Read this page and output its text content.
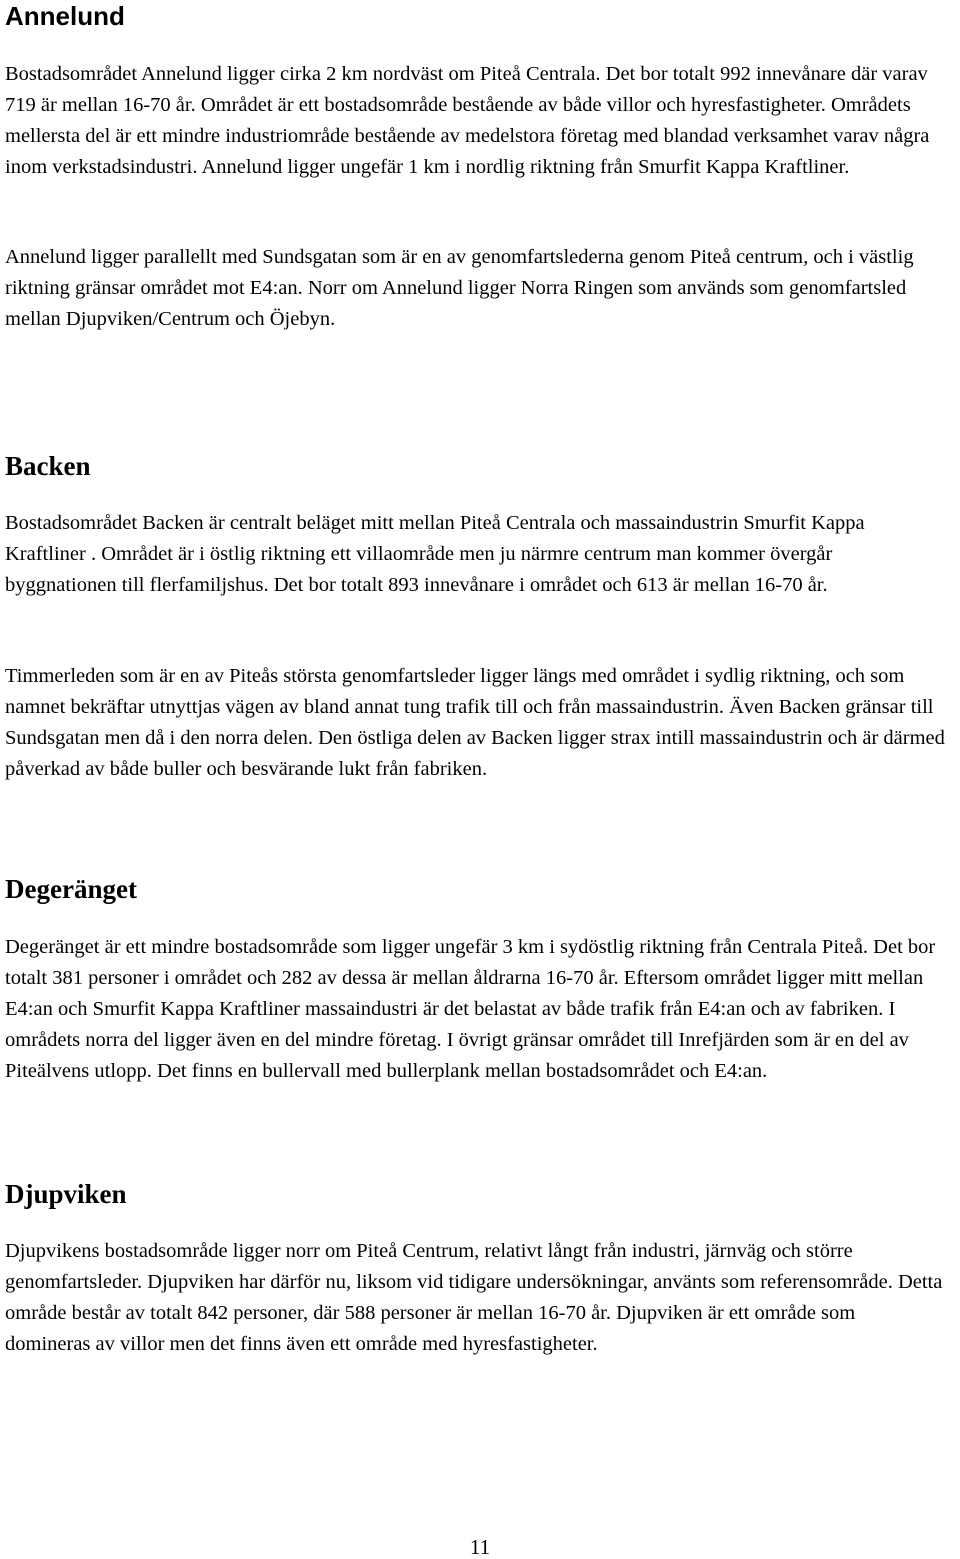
Annelund

Bostadsområdet Annelund ligger cirka 2 km nordväst om Piteå Centrala. Det bor totalt 992 innevånare där varav 719 är mellan 16-70 år. Området är ett bostadsområde bestående av både villor och hyresfastigheter. Områdets mellersta del är ett mindre industriområde bestående av medelstora företag med blandad verksamhet varav några inom verkstadsindustri. Annelund ligger ungefär 1 km i nordlig riktning från Smurfit Kappa Kraftliner.

Annelund ligger parallellt med Sundsgatan som är en av genomfartslederna genom Piteå centrum, och i västlig riktning gränsar området mot E4:an. Norr om Annelund ligger Norra Ringen som används som genomfartsled mellan Djupviken/Centrum och Öjebyn.

Backen

Bostadsområdet Backen är centralt beläget mitt mellan Piteå Centrala och massaindustrin Smurfit Kappa Kraftliner . Området är i östlig riktning ett villaområde men ju närmre centrum man kommer övergår byggnationen till flerfamiljshus. Det bor totalt 893 innevånare i området och 613 är mellan 16-70 år.

Timmerleden som är en av Piteås största genomfartsleder ligger längs med området i sydlig riktning, och som namnet bekräftar utnyttjas vägen av bland annat tung trafik till och från massaindustrin. Även Backen gränsar till Sundsgatan men då i den norra delen. Den östliga delen av Backen ligger strax intill massaindustrin och är därmed påverkad av både buller och besvärande lukt från fabriken.

Degeränget

Degeränget är ett mindre bostadsområde som ligger ungefär 3 km i sydöstlig riktning från Centrala Piteå. Det bor totalt 381 personer i området och 282 av dessa är mellan åldrarna 16-70 år. Eftersom området ligger mitt mellan E4:an och Smurfit Kappa Kraftliner massaindustri är det belastat av både trafik från E4:an och av fabriken. I områdets norra del ligger även en del mindre företag. I övrigt gränsar området till Inrefjärden som är en del av Piteälvens utlopp. Det finns en bullervall med bullerplank mellan bostadsområdet och E4:an.

Djupviken

Djupvikens bostadsområde ligger norr om Piteå Centrum, relativt långt från industri, järnväg och större genomfartsleder. Djupviken har därför nu, liksom vid tidigare undersökningar, använts som referensområde. Detta område består av totalt 842 personer, där 588 personer är mellan 16-70 år. Djupviken är ett område som domineras av villor men det finns även ett område med hyresfastigheter.

11
